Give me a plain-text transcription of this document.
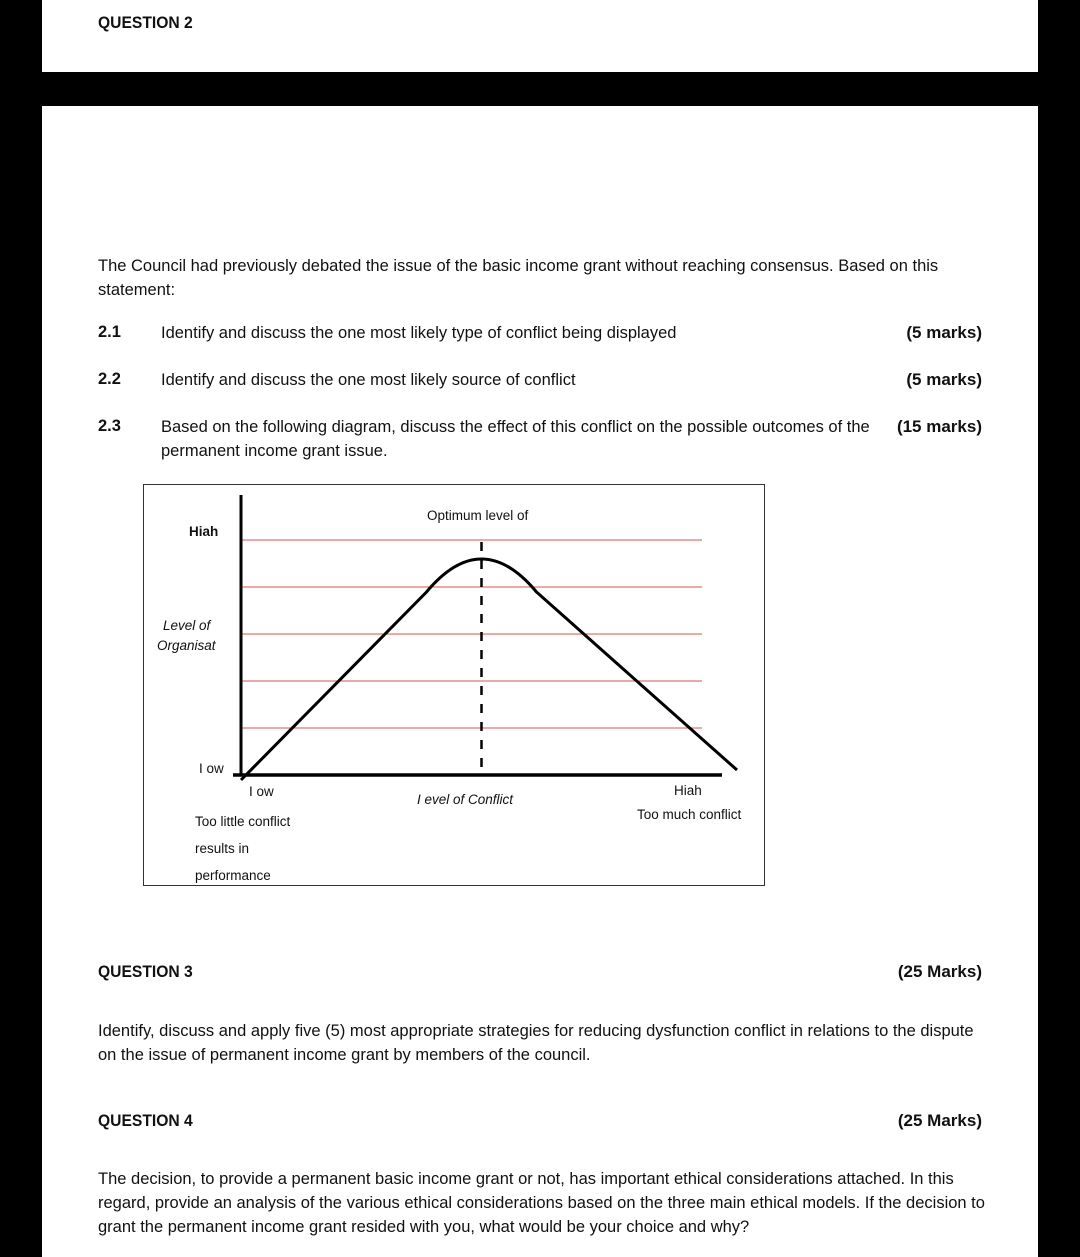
QUESTION 2
The Council had previously debated the issue of the basic income grant without reaching consensus. Based on this statement:
2.1 Identify and discuss the one most likely type of conflict being displayed	(5 marks)
2.2 Identify and discuss the one most likely source of conflict	(5 marks)
2.3 Based on the following diagram, discuss the effect of this conflict on the possible outcomes of the permanent income grant issue.
(15 marks)
Optimum level of
Hiah
Level of
Organisat
I ow
I ow
I evel of Conflict
Hiah
Too little conflict
results in
performance
Too much conflict
QUESTION 3	(25 Marks)
Identify, discuss and apply five (5) most appropriate strategies for reducing dysfunction conflict in relations to the dispute on the issue of permanent income grant by members of the council.
QUESTION 4	(25 Marks)
The decision, to provide a permanent basic income grant or not, has important ethical considerations attached. In this regard, provide an analysis of the various ethical considerations based on the three main ethical models. If the decision to grant the permanent income grant resided with you, what would be your choice and why?
